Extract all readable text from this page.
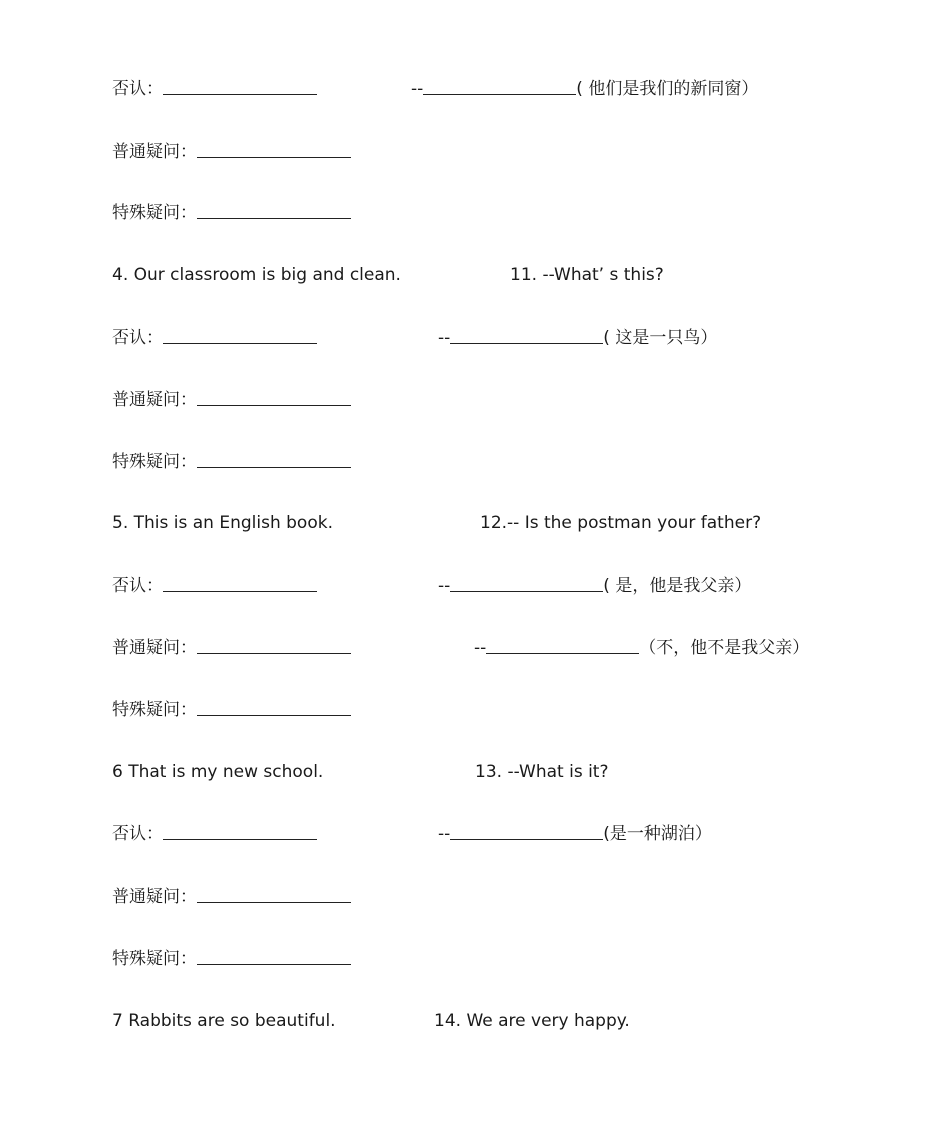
否认：	--	( 他们是我们的新同窗）
普通疑问：
特殊疑问：
4. Our classroom is big and clean.	11. --What’ s this?
否认：	--	( 这是一只鸟）
普通疑问：
特殊疑问：
5. This is an English book.	12.-- Is the postman your father?
否认：	--	( 是，他是我父亲）
普通疑问：	--	（不，他不是我父亲）
特殊疑问：
6 That is my new school.	13. --What is it?
否认：	--	(是一种湖泊）
普通疑问：
特殊疑问：
7 Rabbits are so beautiful.	14. We are very happy.
